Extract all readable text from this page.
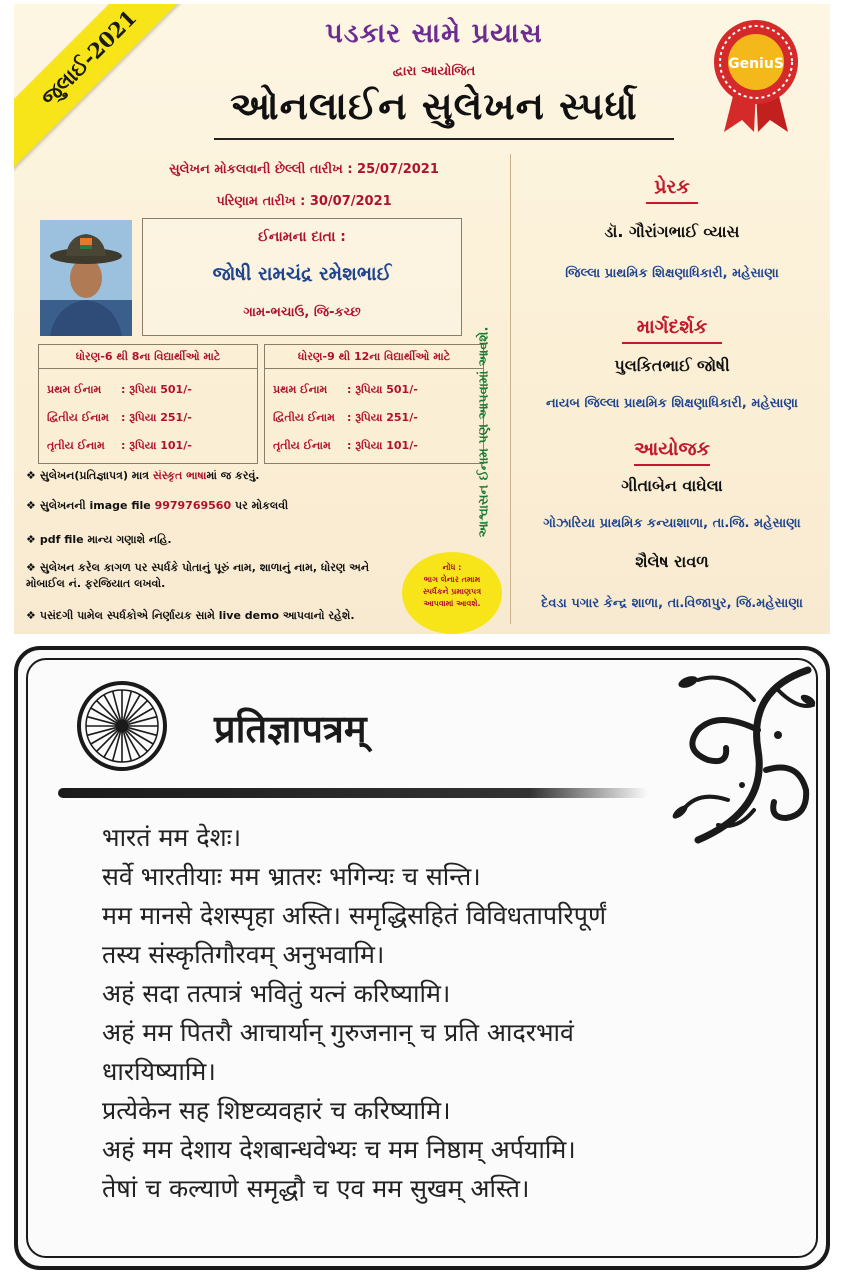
જુલાઈ-2021	GeniuS
પડકાર સામે પ્રયાસ
દ્વારા આયોજિત
ઓનલાઈન સુલેખન સ્પર્ધા
સુલેખન મોકલવાની છેલ્લી તારીખ : 25/07/2021
પરિણામ તારીખ : 30/07/2021
ઈનામના દાતા :
જોષી રામચંદ્ર રમેશભાઈ
ગામ-ભચાઉ, જિ-કચ્છ
ધોરણ-6 થી 8ના વિદ્યાર્થીઓ માટે
પ્રથમ ઈનામ : રૂપિયા 501/-
દ્વિતીય ઈનામ : રૂપિયા 251/-
તૃતીય ઈનામ : રૂપિયા 101/-
ધોરણ-9 થી 12ના વિદ્યાર્થીઓ માટે
પ્રથમ ઈનામ : રૂપિયા 501/-
દ્વિતીય ઈનામ : રૂપિયા 251/-
તૃતીય ઈનામ : રૂપિયા 101/-	આશ્વાસન ઈનામ પણ આપવામાં આવશે.
❖ સુલેખન(પ્રતિજ્ઞાપત્ર) માત્ર સંસ્કૃત ભાષામાં જ કરવું.
❖ સુલેખનની image file 9979769560 પર મોકલવી
❖ pdf file માન્ય ગણાશે નહિ.
❖ સુલેખન કરેલ કાગળ પર સ્પર્ધકે પોતાનું પૂરું નામ, શાળાનું નામ, ધોરણ અને મોબાઈલ નં. ફરજિયાત લખવો.
❖ પસંદગી પામેલ સ્પર્ધકોએ નિર્ણાયક સામે live demo આપવાનો રહેશે.
નોંધ :
ભાગ લેનાર તમામ સ્પર્ધકને પ્રમાણપત્ર આપવામાં આવશે.
પ્રેરક
ડૉ. ગૌરાંગભાઈ વ્યાસ
જિલ્લા પ્રાથમિક શિક્ષણાધિકારી, મહેસાણા
માર્ગદર્શક
પુલકિતભાઈ જોષી
નાયબ જિલ્લા પ્રાથમિક શિક્ષણાધિકારી, મહેસાણા
આયોજક
ગીતાબેન વાઘેલા
ગોઝારિયા પ્રાથમિક કન્યાશાળા, તા.જિ. મહેસાણા
શૈલેષ રાવળ
દેવડા પગાર કેન્દ્ર શાળા, તા.વિજાપુર, જિ.મહેસાણા
प्रतिज्ञापत्रम्
भारतं मम देशः।
सर्वे भारतीयाः मम भ्रातरः भगिन्यः च सन्ति।
मम मानसे देशस्पृहा अस्ति। समृद्धिसहितं विविधतापरिपूर्णं
तस्य संस्कृतिगौरवम् अनुभवामि।
अहं सदा तत्पात्रं भवितुं यत्नं करिष्यामि।
अहं मम पितरौ आचार्यान् गुरुजनान् च प्रति आदरभावं
धारयिष्यामि।
प्रत्येकेन सह शिष्टव्यवहारं च करिष्यामि।
अहं मम देशाय देशबान्धवेभ्यः च मम निष्ठाम् अर्पयामि।
तेषां च कल्याणे समृद्धौ च एव मम सुखम् अस्ति।
